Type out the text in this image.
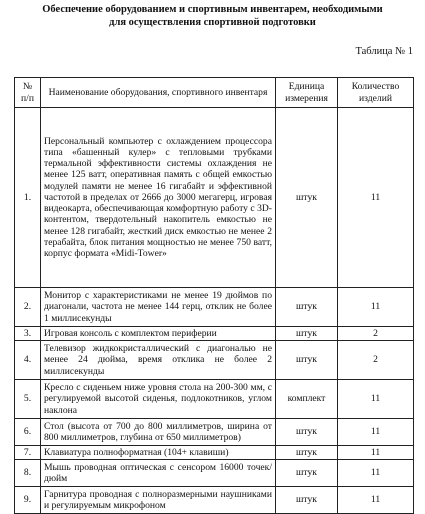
Обеспечение оборудованием и спортивным инвентарем, необходимыми
для осуществления спортивной подготовки
Таблица № 1
№ п/п	Наименование оборудования, спортивного инвентаря	Единица измерения	Количество изделий
1.	Персональный компьютер с охлаждением процессора типа «башенный кулер» с тепловыми трубками термальной эффективности системы охлаждения не менее 125 ватт, оперативная память с общей емкостью модулей памяти не менее 16 гигабайт и эффективной частотой в пределах от 2666 до 3000 мегагерц, игровая видеокарта, обеспечивающая комфортную работу с 3D-контентом, твердотельный накопитель емкостью не менее 128 гигабайт, жесткий диск емкостью не менее 2 терабайта, блок питания мощностью не менее 750 ватт, корпус формата «Midi-Tower»	штук	11
2.	Монитор с характеристиками не менее 19 дюймов по диагонали, частота не менее 144 герц, отклик не более 1 миллисекунды	штук	11
3.	Игровая консоль с комплектом периферии	штук	2
4.	Телевизор жидкокристаллический с диагональю не менее 24 дюйма, время отклика не более 2 миллисекунды	штук	2
5.	Кресло с сиденьем ниже уровня стола на 200-300 мм, с регулируемой высотой сиденья, подлокотников, углом наклона	комплект	11
6.	Стол (высота от 700 до 800 миллиметров, ширина от 800 миллиметров, глубина от 650 миллиметров)	штук	11
7.	Клавиатура полноформатная (104+ клавиши)	штук	11
8.	Мышь проводная оптическая с сенсором 16000 точек/дюйм	штук	11
9.	Гарнитура проводная с полноразмерными наушниками и регулируемым микрофоном	штук	11
